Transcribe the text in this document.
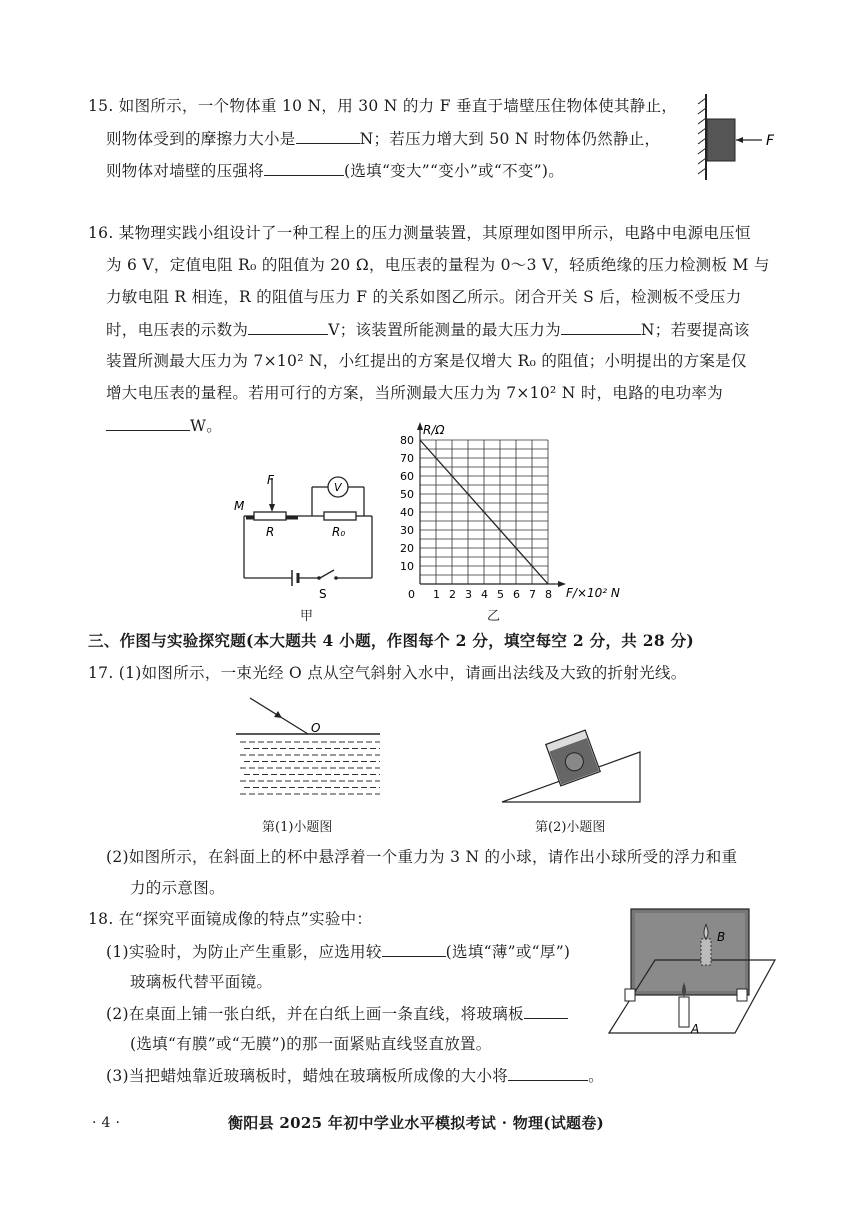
15. 如图所示，一个物体重 10 N，用 30 N 的力 F 垂直于墙壁压住物体使其静止，
则物体受到的摩擦力大小是	N；若压力增大到 50 N 时物体仍然静止，
则物体对墙壁的压强将	(选填“变大”“变小”或“不变”)。
F
16. 某物理实践小组设计了一种工程上的压力测量装置，其原理如图甲所示，电路中电源电压恒
为 6 V，定值电阻 R₀ 的阻值为 20 Ω，电压表的量程为 0～3 V，轻质绝缘的压力检测板 M 与
力敏电阻 R 相连，R 的阻值与压力 F 的关系如图乙所示。闭合开关 S 后，检测板不受压力
时，电压表的示数为	V；该装置所能测量的最大压力为	N；若要提高该
装置所测最大压力为 7×10² N，小红提出的方案是仅增大 R₀ 的阻值；小明提出的方案是仅
增大电压表的量程。若用可行的方案，当所测最大压力为 7×10² N 时，电路的电功率为
W。
F
M
V
R	R₀
S
甲
0 1 2 3 4 5 6 7 8
10
20
30
40
50
60
70
80
R/Ω
F/×10² N
乙
三、作图与实验探究题(本大题共 4 小题，作图每个 2 分，填空每空 2 分，共 28 分)
17. (1)如图所示，一束光经 O 点从空气斜射入水中，请画出法线及大致的折射光线。
O
第(1)小题图	第(2)小题图
(2)如图所示，在斜面上的杯中悬浮着一个重力为 3 N 的小球，请作出小球所受的浮力和重
力的示意图。
18. 在“探究平面镜成像的特点”实验中：
(1)实验时，为防止产生重影，应选用较	(选填“薄”或“厚”)
玻璃板代替平面镜。
(2)在桌面上铺一张白纸，并在白纸上画一条直线，将玻璃板
(选填“有膜”或“无膜”)的那一面紧贴直线竖直放置。
(3)当把蜡烛靠近玻璃板时，蜡烛在玻璃板所成像的大小将	。
A
B
· 4 ·	衡阳县 2025 年初中学业水平模拟考试 · 物理(试题卷)
